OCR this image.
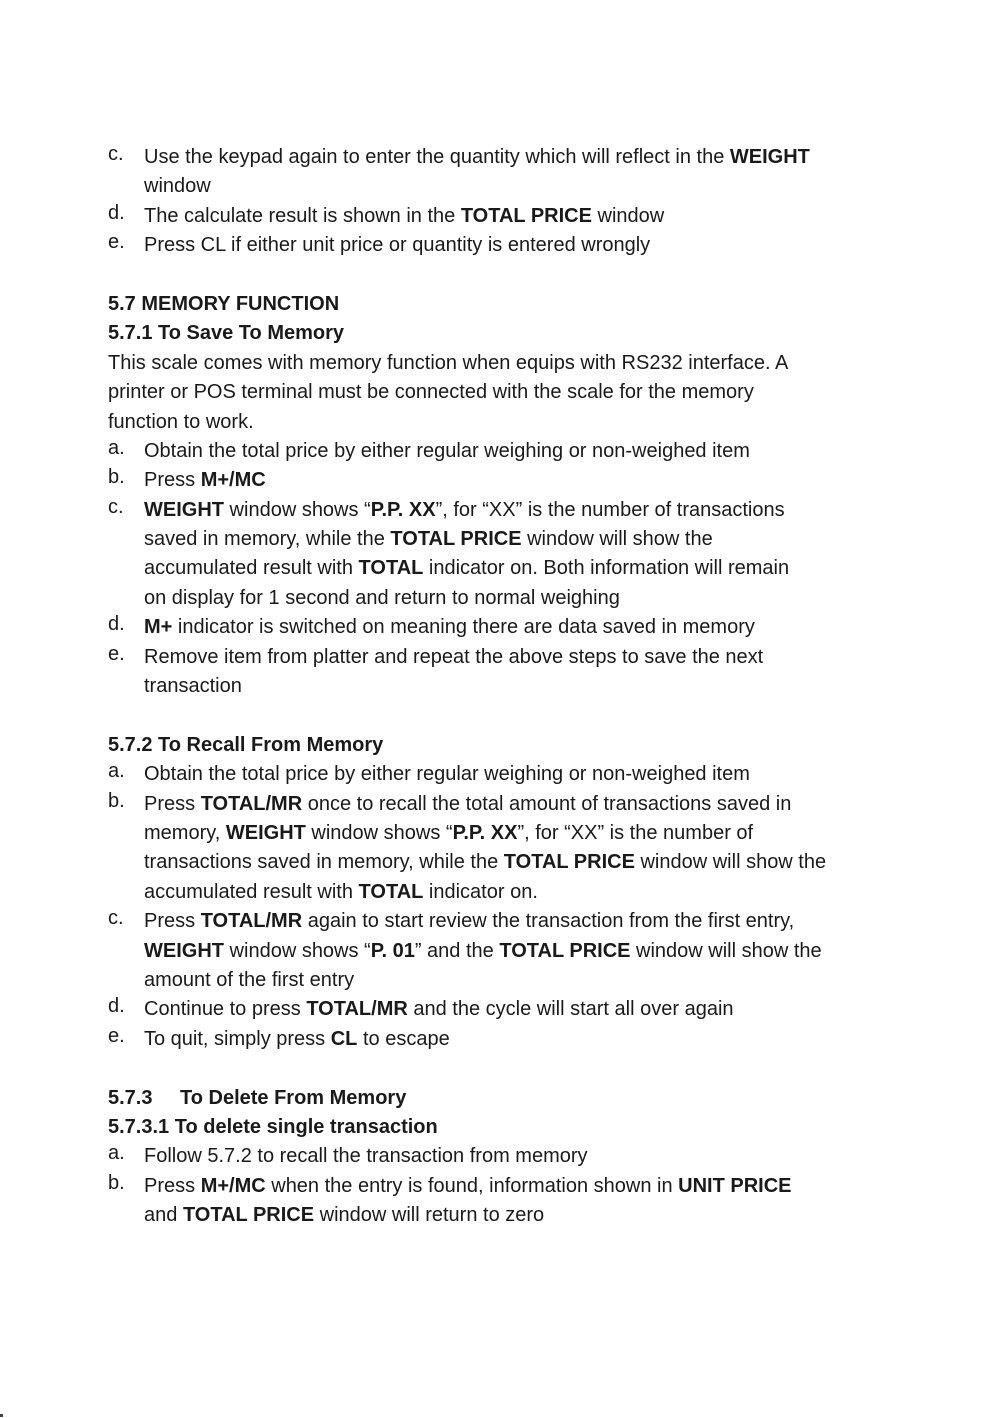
c. Use the keypad again to enter the quantity which will reflect in the WEIGHT
window
d. The calculate result is shown in the TOTAL PRICE window
e. Press CL if either unit price or quantity is entered wrongly
5.7 MEMORY FUNCTION
5.7.1 To Save To Memory
This scale comes with memory function when equips with RS232 interface. A
printer or POS terminal must be connected with the scale for the memory
function to work.
a. Obtain the total price by either regular weighing or non-weighed item
b. Press M+/MC
c. WEIGHT window shows “P.P. XX”, for “XX” is the number of transactions
saved in memory, while the TOTAL PRICE window will show the
accumulated result with TOTAL indicator on. Both information will remain
on display for 1 second and return to normal weighing
d. M+ indicator is switched on meaning there are data saved in memory
e. Remove item from platter and repeat the above steps to save the next
transaction
5.7.2 To Recall From Memory
a. Obtain the total price by either regular weighing or non-weighed item
b. Press TOTAL/MR once to recall the total amount of transactions saved in
memory, WEIGHT window shows “P.P. XX”, for “XX” is the number of
transactions saved in memory, while the TOTAL PRICE window will show the
accumulated result with TOTAL indicator on.
c. Press TOTAL/MR again to start review the transaction from the first entry,
WEIGHT window shows “P. 01” and the TOTAL PRICE window will show the
amount of the first entry
d. Continue to press TOTAL/MR and the cycle will start all over again
e. To quit, simply press CL to escape
5.7.3 To Delete From Memory
5.7.3.1 To delete single transaction
a. Follow 5.7.2 to recall the transaction from memory
b. Press M+/MC when the entry is found, information shown in UNIT PRICE
and TOTAL PRICE window will return to zero
